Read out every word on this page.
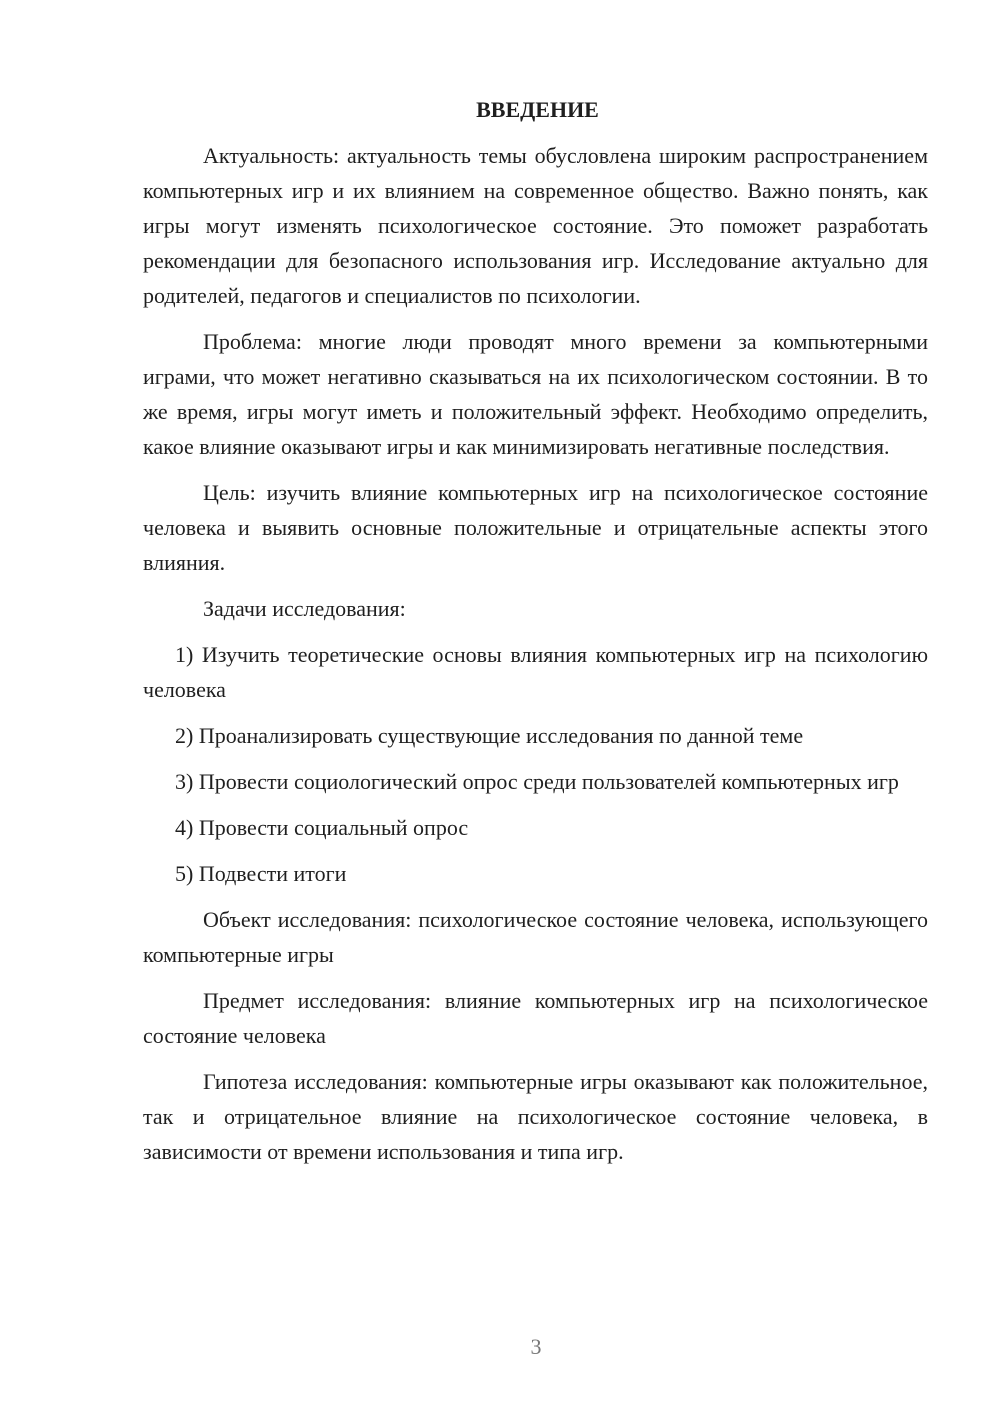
ВВЕДЕНИЕ

Актуальность: актуальность темы обусловлена широким распространением компьютерных игр и их влиянием на современное общество. Важно понять, как игры могут изменять психологическое состояние. Это поможет разработать рекомендации для безопасного использования игр. Исследование актуально для родителей, педагогов и специалистов по психологии.

Проблема: многие люди проводят много времени за компьютерными играми, что может негативно сказываться на их психологическом состоянии. В то же время, игры могут иметь и положительный эффект. Необходимо определить, какое влияние оказывают игры и как минимизировать негативные последствия.

Цель: изучить влияние компьютерных игр на психологическое состояние человека и выявить основные положительные и отрицательные аспекты этого влияния.

Задачи исследования:

1) Изучить теоретические основы влияния компьютерных игр на психологию человека

2) Проанализировать существующие исследования по данной теме

3) Провести социологический опрос среди пользователей компьютерных игр

4) Провести социальный опрос

5) Подвести итоги

Объект исследования: психологическое состояние человека, использующего компьютерные игры

Предмет исследования: влияние компьютерных игр на психологическое состояние человека

Гипотеза исследования: компьютерные игры оказывают как положительное, так и отрицательное влияние на психологическое состояние человека, в зависимости от времени использования и типа игр.

3
